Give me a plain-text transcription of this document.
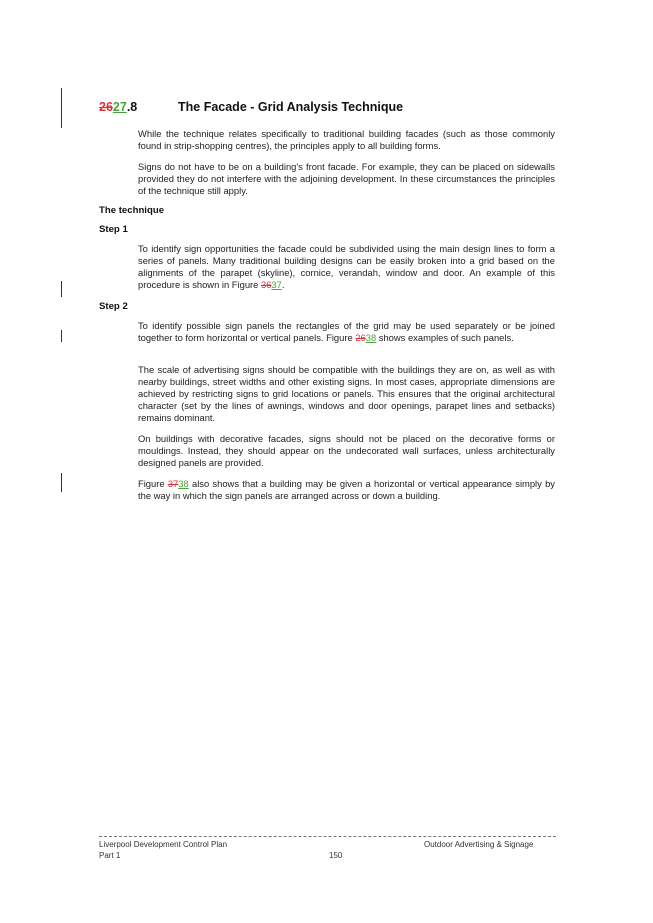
2627.8	The Facade - Grid Analysis Technique

While the technique relates specifically to traditional building facades (such as those commonly found in strip-shopping centres), the principles apply to all building forms.

Signs do not have to be on a building's front facade. For example, they can be placed on sidewalls provided they do not interfere with the adjoining development. In these circumstances the principles of the technique still apply.

The technique
Step 1

To identify sign opportunities the facade could be subdivided using the main design lines to form a series of panels. Many traditional building designs can be easily broken into a grid based on the alignments of the parapet (skyline), cornice, verandah, window and door. An example of this procedure is shown in Figure 3637.

Step 2

To identify possible sign panels the rectangles of the grid may be used separately or be joined together to form horizontal or vertical panels. Figure 2638 shows examples of such panels.

The scale of advertising signs should be compatible with the buildings they are on, as well as with nearby buildings, street widths and other existing signs. In most cases, appropriate dimensions are achieved by restricting signs to grid locations or panels. This ensures that the original architectural character (set by the lines of awnings, windows and door openings, parapet lines and setbacks) remains dominant.

On buildings with decorative facades, signs should not be placed on the decorative forms or mouldings. Instead, they should appear on the undecorated wall surfaces, unless architecturally designed panels are provided.

Figure 3738 also shows that a building may be given a horizontal or vertical appearance simply by the way in which the sign panels are arranged across or down a building.

Liverpool Development Control Plan
Part 1	150
Outdoor Advertising & Signage
